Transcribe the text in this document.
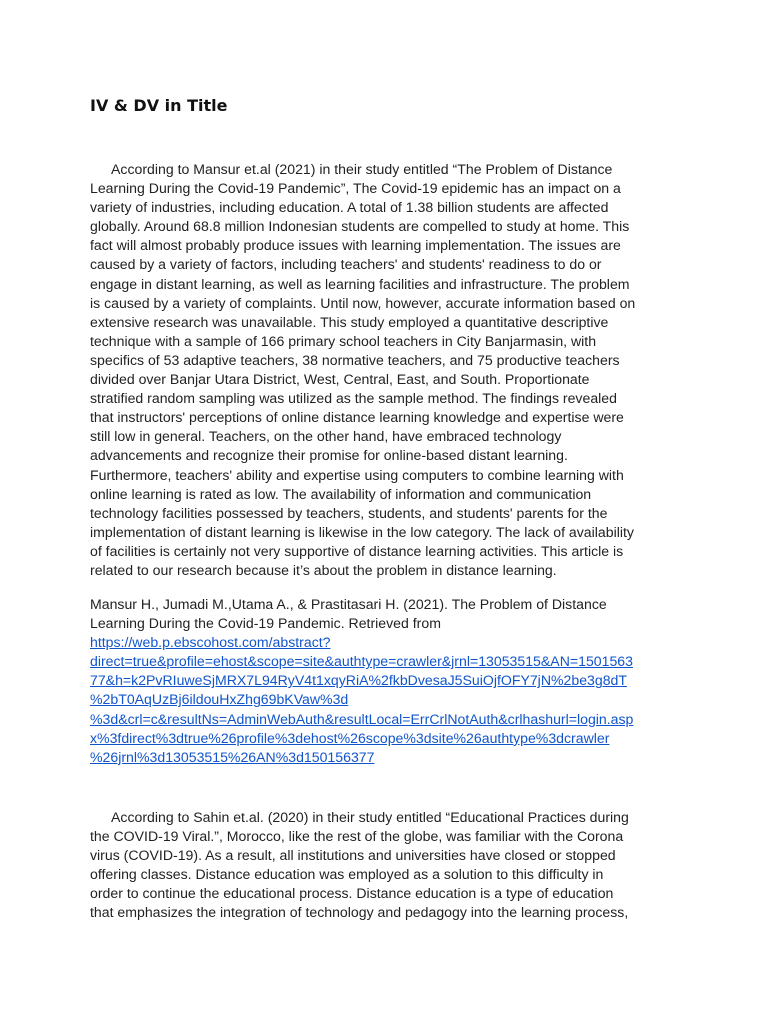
IV & DV in Title

According to Mansur et.al (2021) in their study entitled “The Problem of Distance
Learning During the Covid-19 Pandemic”, The Covid-19 epidemic has an impact on a
variety of industries, including education. A total of 1.38 billion students are affected
globally. Around 68.8 million Indonesian students are compelled to study at home. This
fact will almost probably produce issues with learning implementation. The issues are
caused by a variety of factors, including teachers' and students' readiness to do or
engage in distant learning, as well as learning facilities and infrastructure. The problem
is caused by a variety of complaints. Until now, however, accurate information based on
extensive research was unavailable. This study employed a quantitative descriptive
technique with a sample of 166 primary school teachers in City Banjarmasin, with
specifics of 53 adaptive teachers, 38 normative teachers, and 75 productive teachers
divided over Banjar Utara District, West, Central, East, and South. Proportionate
stratified random sampling was utilized as the sample method. The findings revealed
that instructors' perceptions of online distance learning knowledge and expertise were
still low in general. Teachers, on the other hand, have embraced technology
advancements and recognize their promise for online-based distant learning.
Furthermore, teachers' ability and expertise using computers to combine learning with
online learning is rated as low. The availability of information and communication
technology facilities possessed by teachers, students, and students' parents for the
implementation of distant learning is likewise in the low category. The lack of availability
of facilities is certainly not very supportive of distance learning activities. This article is
related to our research because it’s about the problem in distance learning.

Mansur H., Jumadi M.,Utama A., & Prastitasari H. (2021). The Problem of Distance
Learning During the Covid-19 Pandemic. Retrieved from
https://web.p.ebscohost.com/abstract?
direct=true&profile=ehost&scope=site&authtype=crawler&jrnl=13053515&AN=1501563
77&h=k2PvRIuweSjMRX7L94RyV4t1xqyRiA%2fkbDvesaJ5SuiOjfOFY7jN%2be3g8dT
%2bT0AqUzBj6ildouHxZhg69bKVaw%3d
%3d&crl=c&resultNs=AdminWebAuth&resultLocal=ErrCrlNotAuth&crlhashurl=login.asp
x%3fdirect%3dtrue%26profile%3dehost%26scope%3dsite%26authtype%3dcrawler
%26jrnl%3d13053515%26AN%3d150156377

According to Sahin et.al. (2020) in their study entitled “Educational Practices during
the COVID-19 Viral.”, Morocco, like the rest of the globe, was familiar with the Corona
virus (COVID-19). As a result, all institutions and universities have closed or stopped
offering classes. Distance education was employed as a solution to this difficulty in
order to continue the educational process. Distance education is a type of education
that emphasizes the integration of technology and pedagogy into the learning process,
